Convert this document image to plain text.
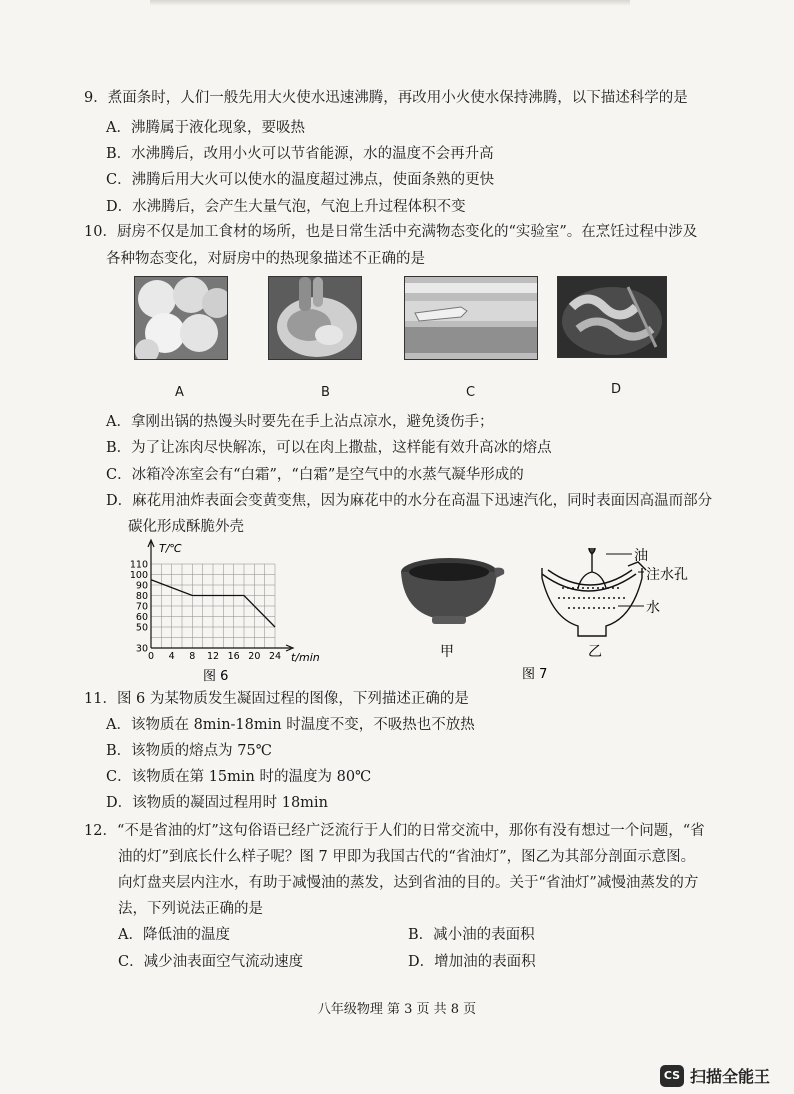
9．煮面条时，人们一般先用大火使水迅速沸腾，再改用小火使水保持沸腾，以下描述科学的是
A．沸腾属于液化现象，要吸热
B．水沸腾后，改用小火可以节省能源，水的温度不会再升高
C．沸腾后用大火可以使水的温度超过沸点，使面条熟的更快
D．水沸腾后，会产生大量气泡，气泡上升过程体积不变
10．厨房不仅是加工食材的场所，也是日常生活中充满物态变化的“实验室”。在烹饪过程中涉及
各种物态变化，对厨房中的热现象描述不正确的是
A	B	C	D
A．拿刚出锅的热馒头时要先在手上沾点凉水，避免烫伤手；
B．为了让冻肉尽快解冻，可以在肉上撒盐，这样能有效升高冰的熔点
C．冰箱冷冻室会有“白霜”，“白霜”是空气中的水蒸气凝华形成的
D．麻花用油炸表面会变黄变焦，因为麻花中的水分在高温下迅速汽化，同时表面因高温而部分
碳化形成酥脆外壳
0 4 8 12 16 20 24
30
50
60
70
80
90
100
110
T/℃
t/min
图 6
甲
油
注水孔
水
乙
图 7
11．图 6 为某物质发生凝固过程的图像，下列描述正确的是
A．该物质在 8min-18min 时温度不变，不吸热也不放热
B．该物质的熔点为 75℃
C．该物质在第 15min 时的温度为 80℃
D．该物质的凝固过程用时 18min
12．“不是省油的灯”这句俗语已经广泛流行于人们的日常交流中，那你有没有想过一个问题，“省
油的灯”到底长什么样子呢？图 7 甲即为我国古代的“省油灯”，图乙为其部分剖面示意图。
向灯盘夹层内注水，有助于减慢油的蒸发，达到省油的目的。关于“省油灯”减慢油蒸发的方
法，下列说法正确的是
A．降低油的温度	B．减小油的表面积
C．减少油表面空气流动速度	D．增加油的表面积
八年级物理 第 3 页 共 8 页
CS 扫描全能王
